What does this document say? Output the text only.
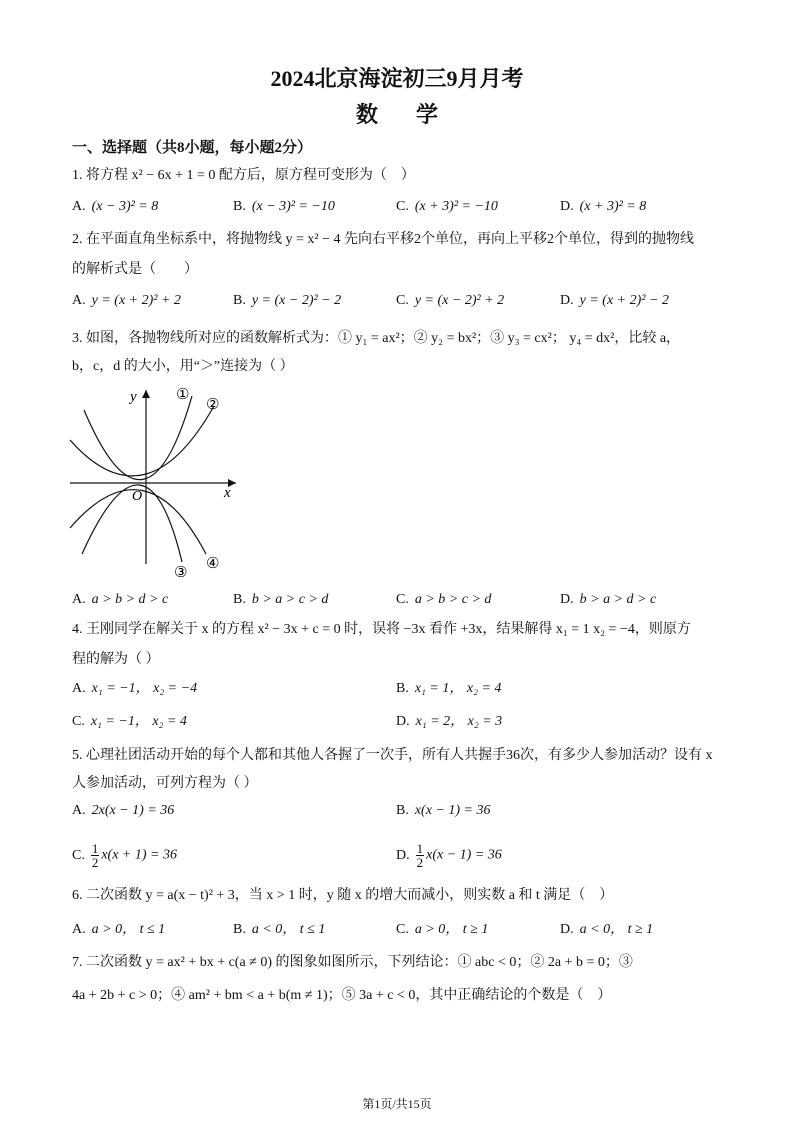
2024北京海淀初三9月月考
数学
一、选择题（共8小题，每小题2分）
1. 将方程 x² − 6x + 1 = 0 配方后，原方程可变形为（　）
A. (x − 3)² = 8	B. (x − 3)² = −10	C. (x + 3)² = −10	D. (x + 3)² = 8
2. 在平面直角坐标系中，将抛物线 y = x² − 4 先向右平移2个单位，再向上平移2个单位，得到的抛物线
的解析式是（　　）
A. y = (x + 2)² + 2	B. y = (x − 2)² − 2	C. y = (x − 2)² + 2	D. y = (x + 2)² − 2
3. 如图，各抛物线所对应的函数解析式为：① y₁ = ax²；② y₂ = bx²；③ y₃ = cx²； y₄ = dx²，比较 a，
b，c，d 的大小，用“＞”连接为（ ）
y
x
O
①
②
③ ④
A. a > b > d > c	B. b > a > c > d	C. a > b > c > d	D. b > a > d > c
4. 王刚同学在解关于 x 的方程 x² − 3x + c = 0 时，误将 −3x 看作 +3x，结果解得 x₁ = 1 x₂ = −4，则原方
程的解为（ ）
A. x₁ = −1， x₂ = −4	B. x₁ = 1， x₂ = 4
C. x₁ = −1， x₂ = 4	D. x₁ = 2， x₂ = 3
5. 心理社团活动开始的每个人都和其他人各握了一次手，所有人共握手36次，有多少人参加活动？设有 x
人参加活动，可列方程为（ ）
A. 2x(x − 1) = 36	B. x(x − 1) = 36
C. $\frac{1}{2} x(x + 1) = 36$	D. $\frac{1}{2} x(x - 1) = 36$
6. 二次函数 y = a(x − t)² + 3，当 x > 1 时，y 随 x 的增大而减小，则实数 a 和 t 满足（　）
A. a > 0， t ≤ 1	B. a < 0， t ≤ 1	C. a > 0， t ≥ 1	D. a < 0， t ≥ 1
7. 二次函数 y = ax² + bx + c(a ≠ 0) 的图象如图所示，下列结论：① abc < 0；② 2a + b = 0；③
4a + 2b + c > 0；④ am² + bm < a + b(m ≠ 1)；⑤ 3a + c < 0，其中正确结论的个数是（　）
第1页/共15页
